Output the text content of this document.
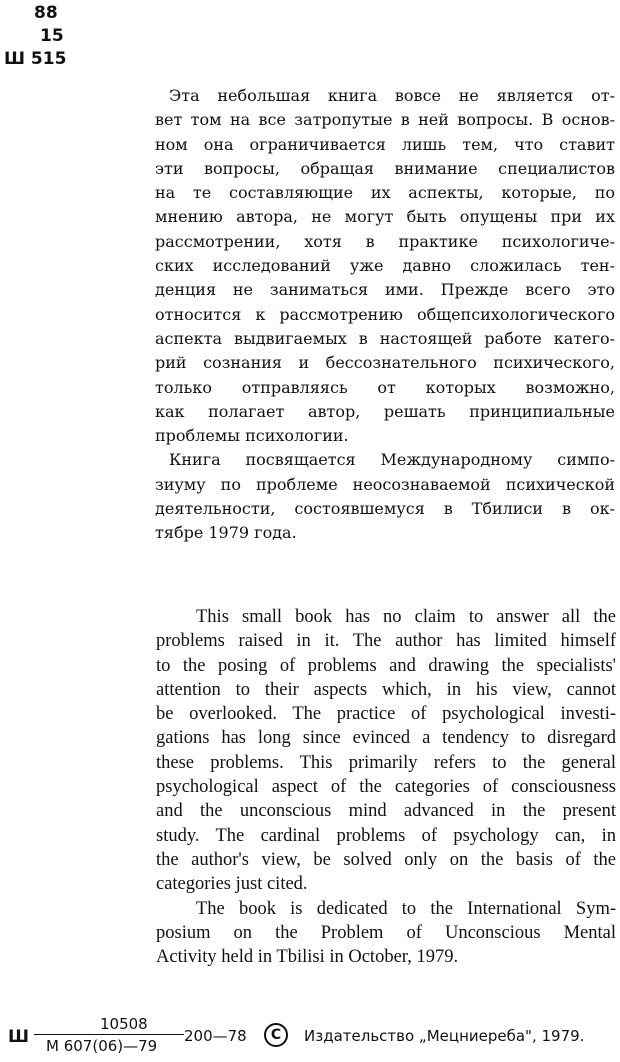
88
15
Ш 515

Эта небольшая книга вовсе не является от-
вет том на все затропутые в ней вопросы. В основ-
ном она ограничивается лишь тем, что ставит
эти вопросы, обращая внимание специалистов
на те составляющие их аспекты, которые, по
мнению автора, не могут быть опущены при их
рассмотрении, хотя в практике психологиче-
ских исследований уже давно сложилась тен-
денция не заниматься ими. Прежде всего это
относится к рассмотрению общепсихологического
аспекта выдвигаемых в настоящей работе катего-
рий сознания и бессознательного психического,
только отправляясь от которых возможно,
как полагает автор, решать принципиальные
проблемы психологии.

Книга посвящается Международному симпо-
зиуму по проблеме неосознаваемой психической
деятельности, состоявшемуся в Тбилиси в ок-
тябре 1979 года.

This small book has no claim to answer all the
problems raised in it. The author has limited himself
to the posing of problems and drawing the specialists'
attention to their aspects which, in his view, cannot
be overlooked. The practice of psychological investi-
gations has long since evinced a tendency to disregard
these problems. This primarily refers to the general
psychological aspect of the categories of consciousness
and the unconscious mind advanced in the present
study. The cardinal problems of psychology can, in
the author's view, be solved only on the basis of the
categories just cited.

The book is dedicated to the International Sym-
posium on the Problem of Unconscious Mental
Activity held in Tbilisi in October, 1979.

Ш
10508
М 607(06)—79
200—78	C	Издательство „Мецниереба", 1979.
